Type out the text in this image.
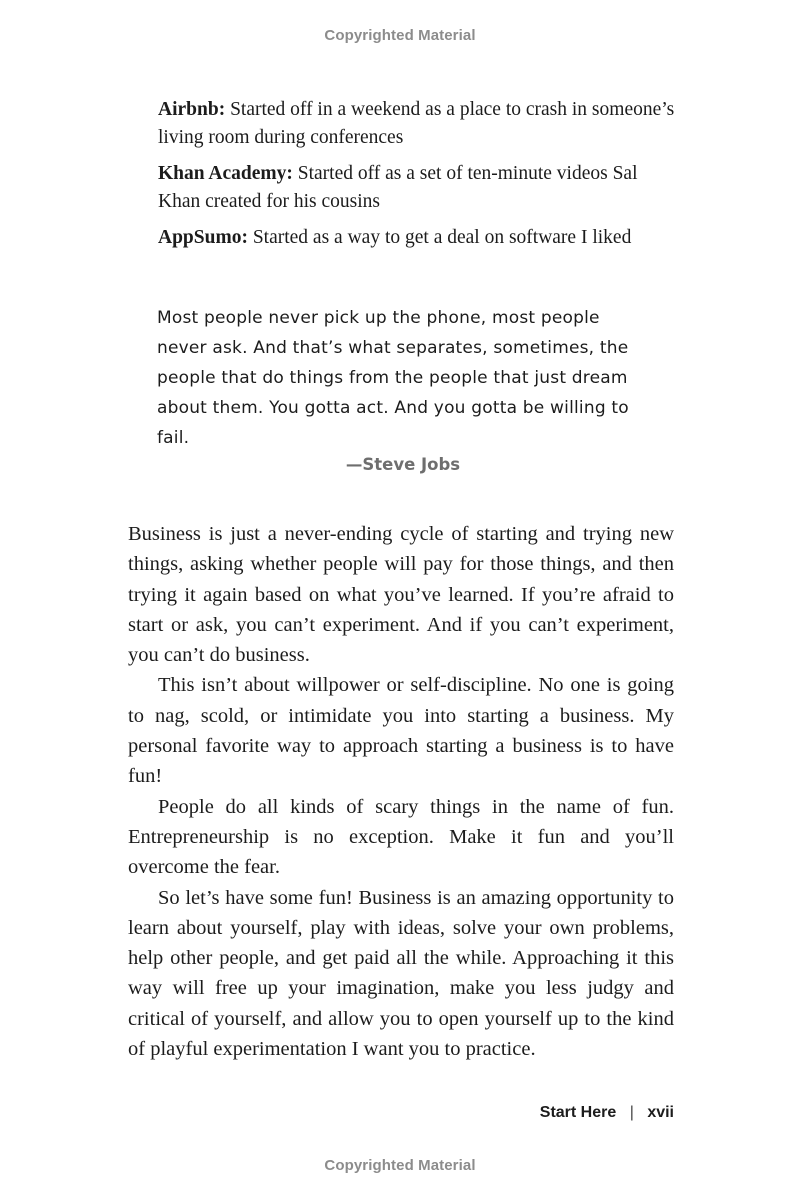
Copyrighted Material

Airbnb: Started off in a weekend as a place to crash in someone’s living room during conferences

Khan Academy: Started off as a set of ten-minute videos Sal Khan created for his cousins

AppSumo: Started as a way to get a deal on software I liked

Most people never pick up the phone, most people never ask. And that’s what separates, sometimes, the people that do things from the people that just dream about them. You gotta act. And you gotta be willing to fail.

—Steve Jobs

Business is just a never-ending cycle of starting and trying new things, asking whether people will pay for those things, and then trying it again based on what you’ve learned. If you’re afraid to start or ask, you can’t experiment. And if you can’t experiment, you can’t do business.

This isn’t about willpower or self-discipline. No one is going to nag, scold, or intimidate you into starting a business. My personal favorite way to approach starting a business is to have fun!

People do all kinds of scary things in the name of fun. Entrepreneurship is no exception. Make it fun and you’ll overcome the fear.

So let’s have some fun! Business is an amazing opportunity to learn about yourself, play with ideas, solve your own problems, help other people, and get paid all the while. Approaching it this way will free up your imagination, make you less judgy and critical of yourself, and allow you to open yourself up to the kind of playful experimentation I want you to practice.

Start Here | xvii
Copyrighted Material
